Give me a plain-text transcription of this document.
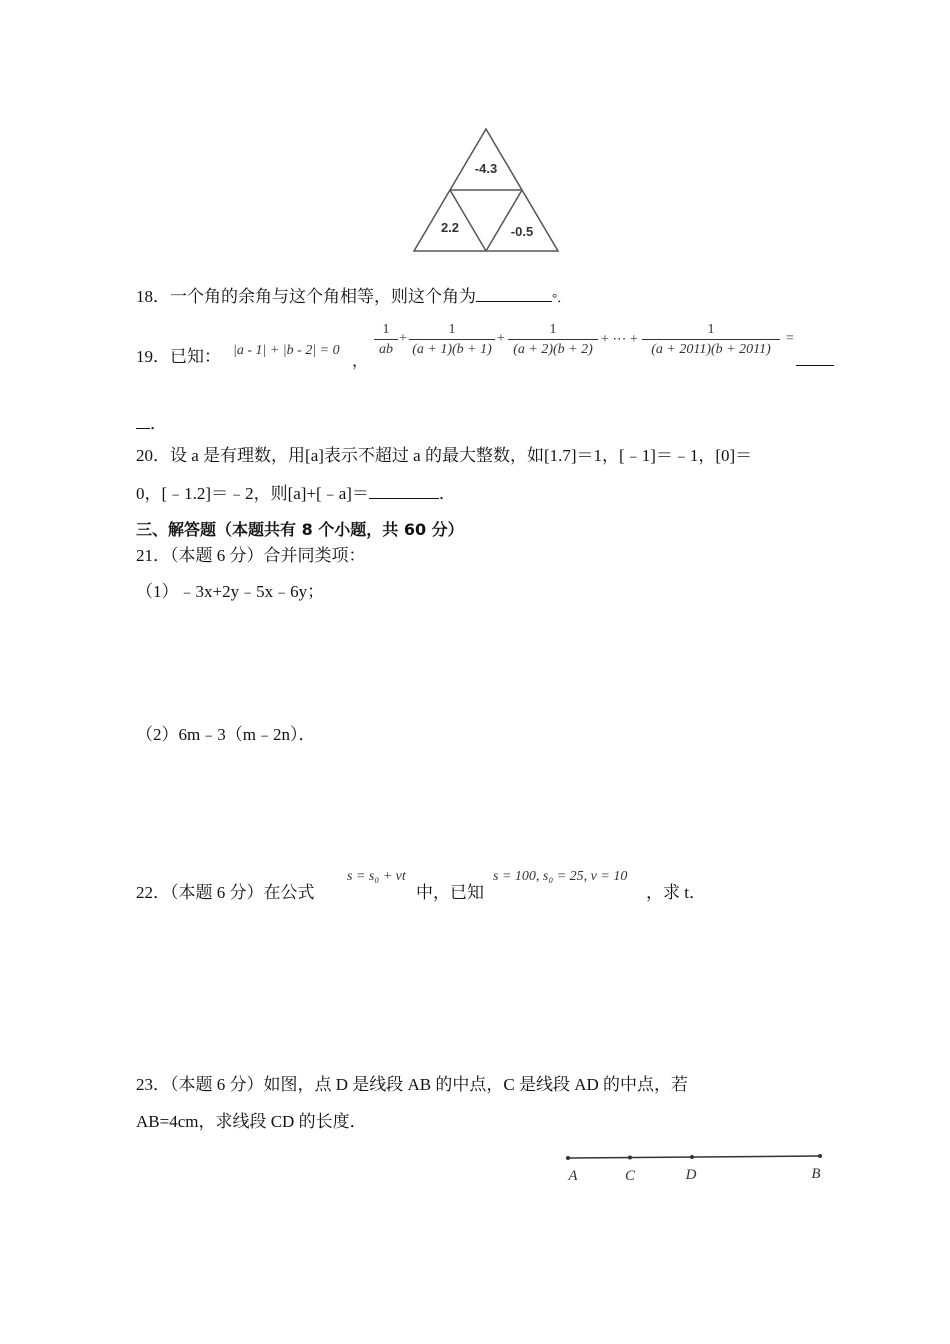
-4.3
2.2	-0.5
18．一个角的余角与这个角相等，则这个角为	°．
19．已知： |a - 1| + |b - 2| = 0
，
1
ab
+
1
(a + 1)(b + 1)
+
1
(a + 2)(b + 2)
+ ⋯ +
1
(a + 2011)(b + 2011)
=
．
20．设 a 是有理数，用[a]表示不超过 a 的最大整数，如[1.7]＝1，[﹣1]＝﹣1，[0]＝
0，[﹣1.2]＝﹣2，则[a]+[﹣a]＝	．
三、解答题（本题共有 8 个小题，共 60 分）
21．（本题 6 分）合并同类项：
（1）﹣3x+2y﹣5x﹣6y；
（2）6m﹣3（m﹣2n）．
22．（本题 6 分）在公式
s = s₀ + vt
中，已知
s = 100, s₀ = 25, v = 10
，求 t．
23．（本题 6 分）如图，点 D 是线段 AB 的中点，C 是线段 AD 的中点，若
AB=4cm，求线段 CD 的长度．
A	C	D	B
